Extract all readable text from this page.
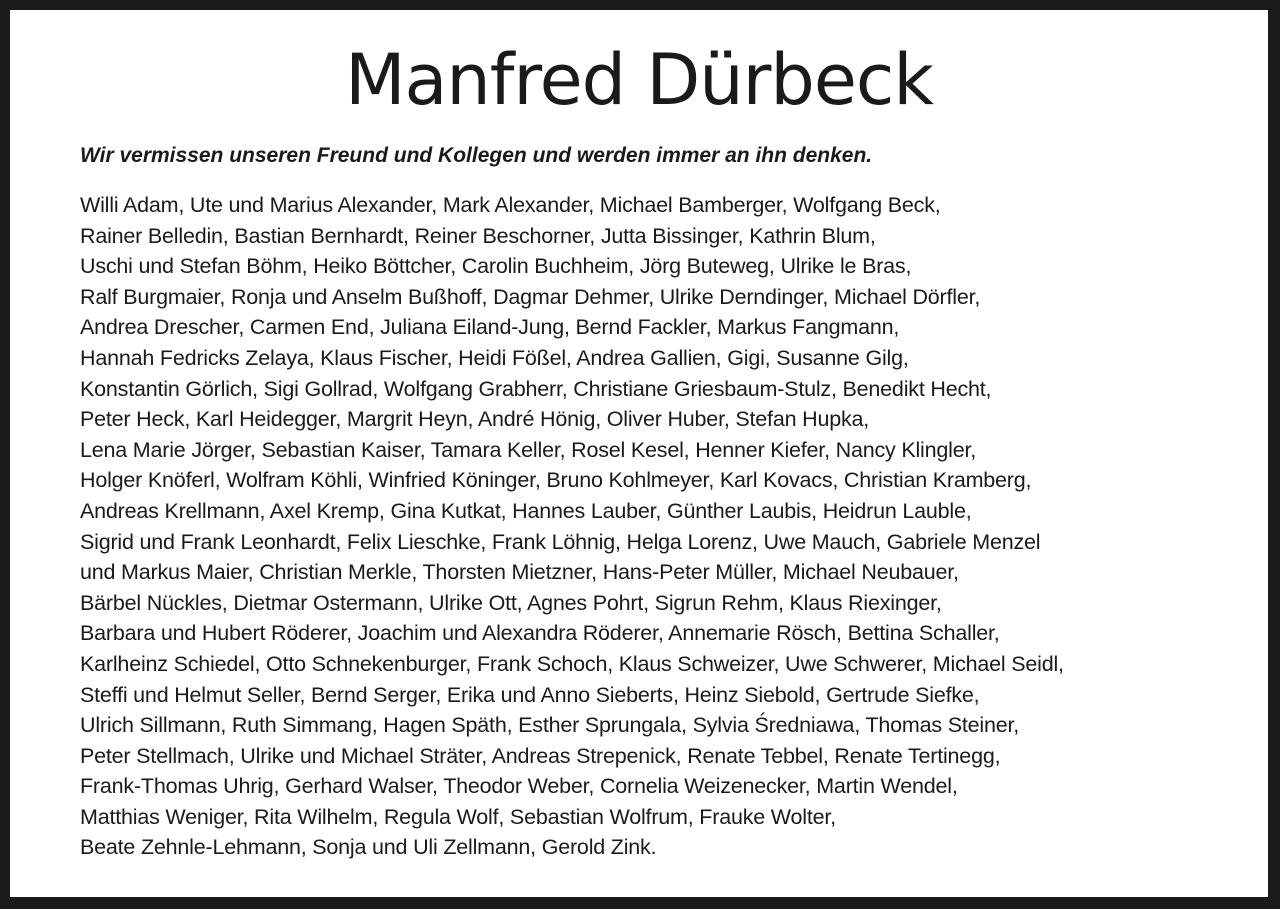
Manfred Dürbeck

Wir vermissen unseren Freund und Kollegen und werden immer an ihn denken.

Willi Adam, Ute und Marius Alexander, Mark Alexander, Michael Bamberger, Wolfgang Beck,
Rainer Belledin, Bastian Bernhardt, Reiner Beschorner, Jutta Bissinger, Kathrin Blum,
Uschi und Stefan Böhm, Heiko Böttcher, Carolin Buchheim, Jörg Buteweg, Ulrike le Bras,
Ralf Burgmaier, Ronja und Anselm Bußhoff, Dagmar Dehmer, Ulrike Derndinger, Michael Dörfler,
Andrea Drescher, Carmen End, Juliana Eiland-Jung, Bernd Fackler, Markus Fangmann,
Hannah Fedricks Zelaya, Klaus Fischer, Heidi Fößel, Andrea Gallien, Gigi, Susanne Gilg,
Konstantin Görlich, Sigi Gollrad, Wolfgang Grabherr, Christiane Griesbaum-Stulz, Benedikt Hecht,
Peter Heck, Karl Heidegger, Margrit Heyn, André Hönig, Oliver Huber, Stefan Hupka,
Lena Marie Jörger, Sebastian Kaiser, Tamara Keller, Rosel Kesel, Henner Kiefer, Nancy Klingler,
Holger Knöferl, Wolfram Köhli, Winfried Köninger, Bruno Kohlmeyer, Karl Kovacs, Christian Kramberg,
Andreas Krellmann, Axel Kremp, Gina Kutkat, Hannes Lauber, Günther Laubis, Heidrun Lauble,
Sigrid und Frank Leonhardt, Felix Lieschke, Frank Löhnig, Helga Lorenz, Uwe Mauch, Gabriele Menzel
und Markus Maier, Christian Merkle, Thorsten Mietzner, Hans-Peter Müller, Michael Neubauer,
Bärbel Nückles, Dietmar Ostermann, Ulrike Ott, Agnes Pohrt, Sigrun Rehm, Klaus Riexinger,
Barbara und Hubert Röderer, Joachim und Alexandra Röderer, Annemarie Rösch, Bettina Schaller,
Karlheinz Schiedel, Otto Schnekenburger, Frank Schoch, Klaus Schweizer, Uwe Schwerer, Michael Seidl,
Steffi und Helmut Seller, Bernd Serger, Erika und Anno Sieberts, Heinz Siebold, Gertrude Siefke,
Ulrich Sillmann, Ruth Simmang, Hagen Späth, Esther Sprungala, Sylvia Średniawa, Thomas Steiner,
Peter Stellmach, Ulrike und Michael Sträter, Andreas Strepenick, Renate Tebbel, Renate Tertinegg,
Frank-Thomas Uhrig, Gerhard Walser, Theodor Weber, Cornelia Weizenecker, Martin Wendel,
Matthias Weniger, Rita Wilhelm, Regula Wolf, Sebastian Wolfrum, Frauke Wolter,
Beate Zehnle-Lehmann, Sonja und Uli Zellmann, Gerold Zink.
